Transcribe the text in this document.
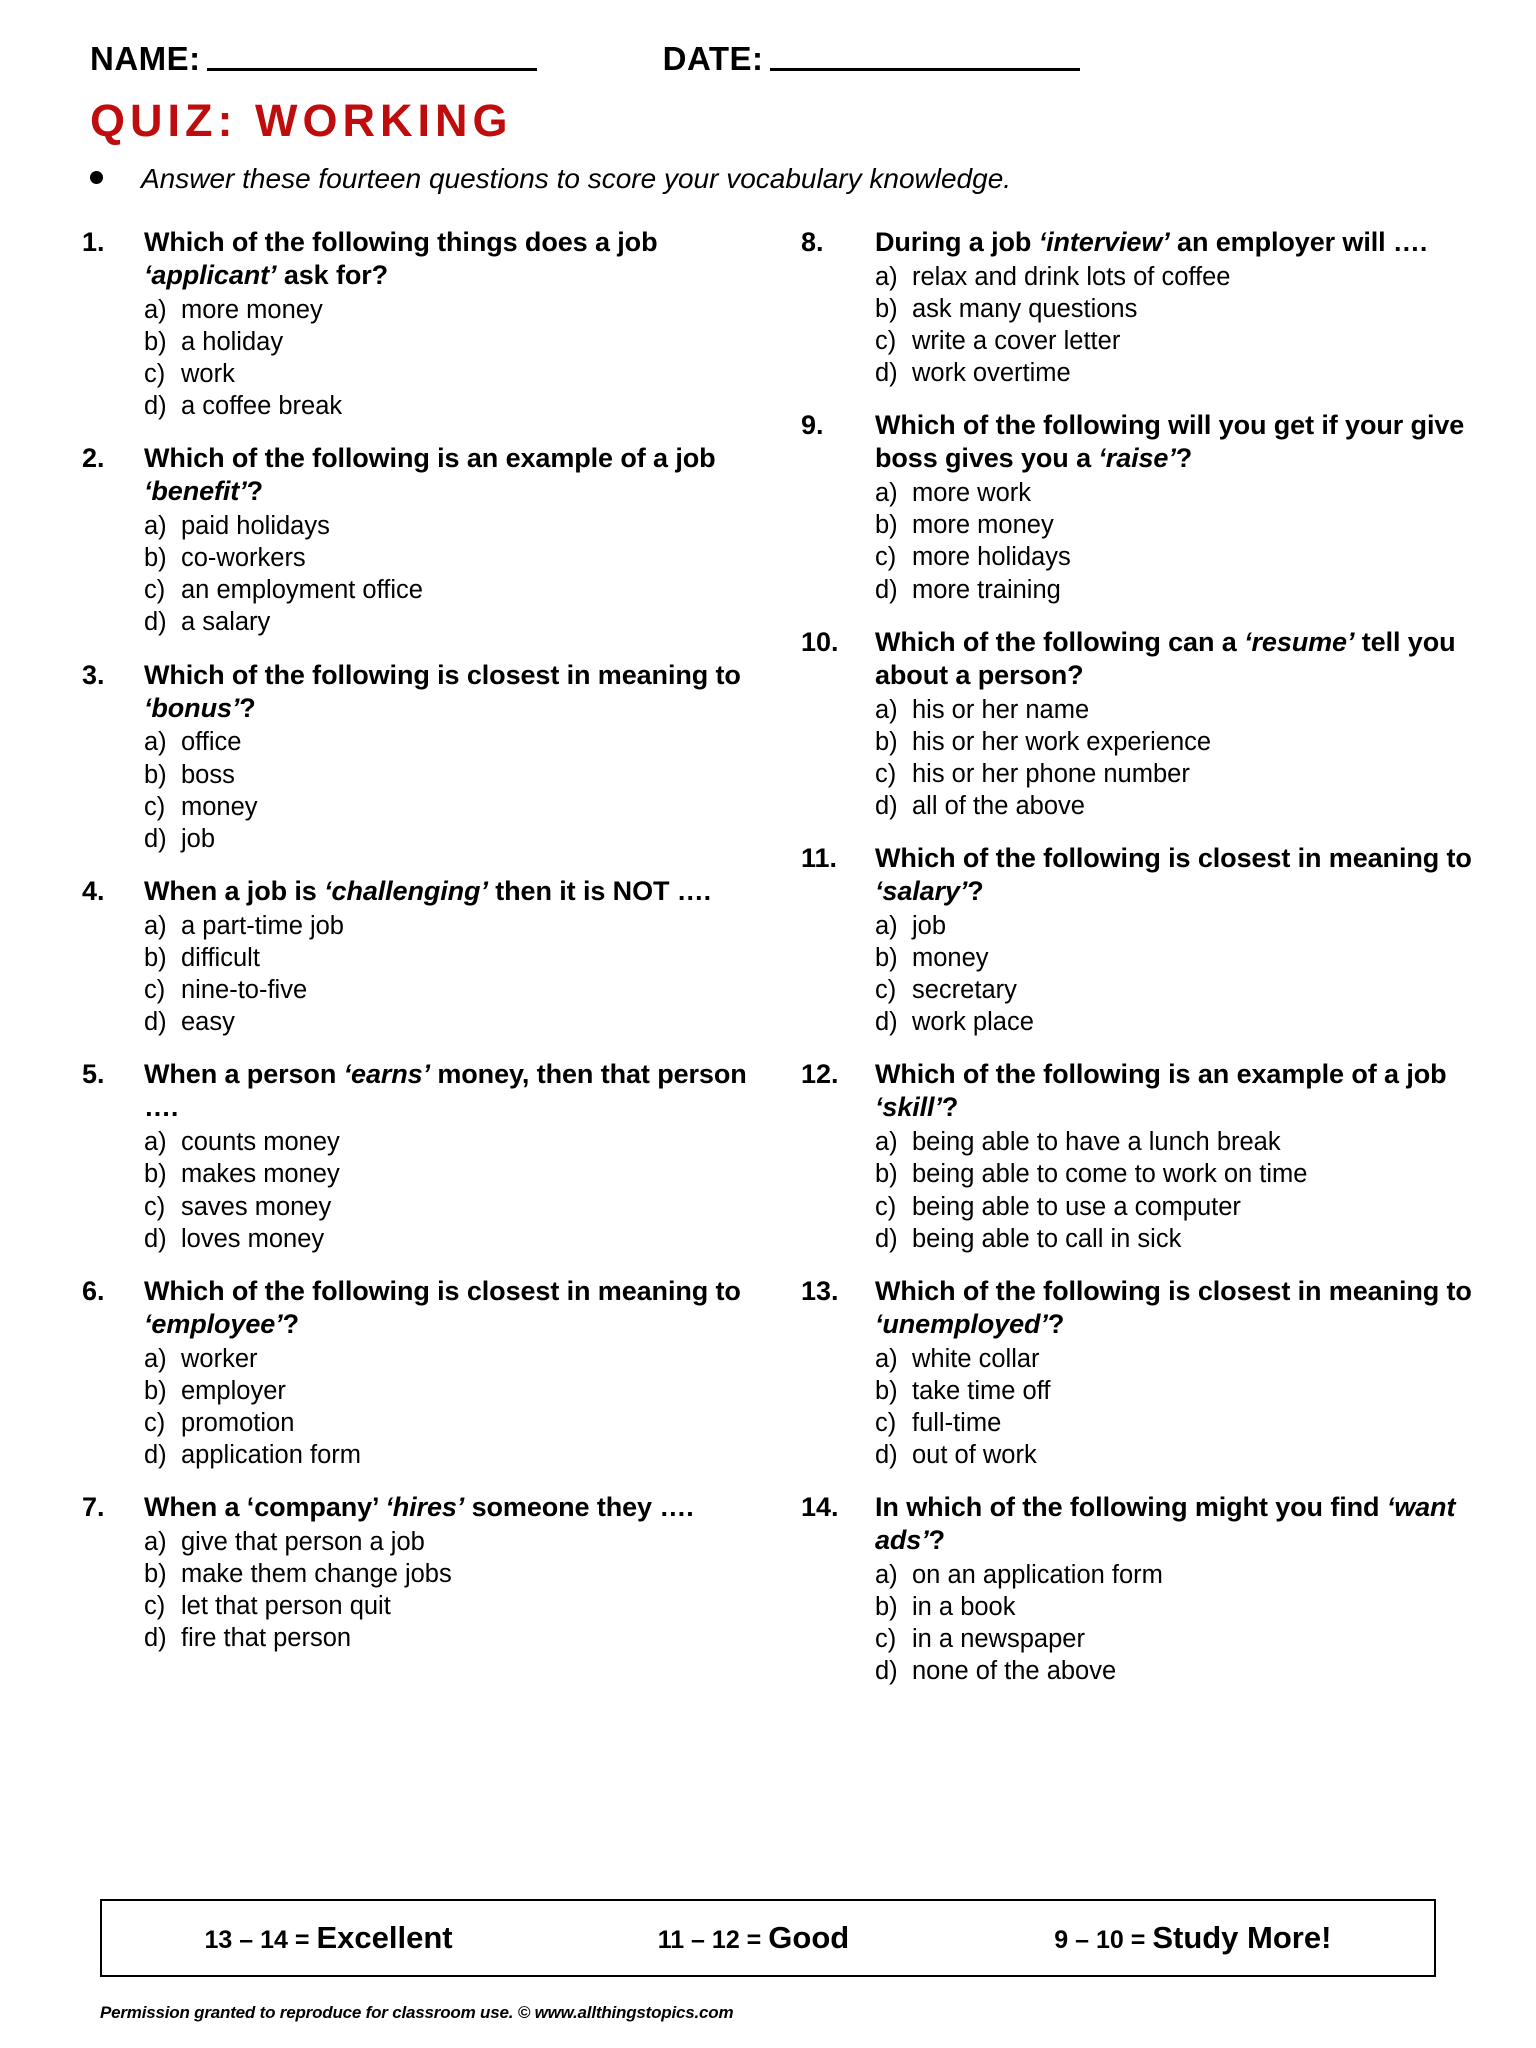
NAME:	DATE:
QUIZ: WORKING
Answer these fourteen questions to score your vocabulary knowledge.
1.	Which of the following things does a job ‘applicant’ ask for?
a) more money
b) a holiday
c) work
d) a coffee break
2.	Which of the following is an example of a job ‘benefit’?
a) paid holidays
b) co-workers
c) an employment office
d) a salary
3.	Which of the following is closest in meaning to ‘bonus’?
a) office
b) boss
c) money
d) job
4.	When a job is ‘challenging’ then it is NOT ….
a) a part-time job
b) difficult
c) nine-to-five
d) easy
5.	When a person ‘earns’ money, then that person ….
a) counts money
b) makes money
c) saves money
d) loves money
6.	Which of the following is closest in meaning to ‘employee’?
a) worker
b) employer
c) promotion
d) application form
7.	When a ‘company’ ‘hires’ someone they ….
a) give that person a job
b) make them change jobs
c) let that person quit
d) fire that person
8.	During a job ‘interview’ an employer will ….
a) relax and drink lots of coffee
b) ask many questions
c) write a cover letter
d) work overtime
9.	Which of the following will you get if your give boss gives you a ‘raise’?
a) more work
b) more money
c) more holidays
d) more training
10.	Which of the following can a ‘resume’ tell you about a person?
a) his or her name
b) his or her work experience
c) his or her phone number
d) all of the above
11.	Which of the following is closest in meaning to ‘salary’?
a) job
b) money
c) secretary
d) work place
12.	Which of the following is an example of a job ‘skill’?
a) being able to have a lunch break
b) being able to come to work on time
c) being able to use a computer
d) being able to call in sick
13.	Which of the following is closest in meaning to ‘unemployed’?
a) white collar
b) take time off
c) full-time
d) out of work
14.	In which of the following might you find ‘want ads’?
a) on an application form
b) in a book
c) in a newspaper
d) none of the above
13 – 14 = Excellent	11 – 12 = Good	9 – 10 = Study More!
Permission granted to reproduce for classroom use. © www.allthingstopics.com
